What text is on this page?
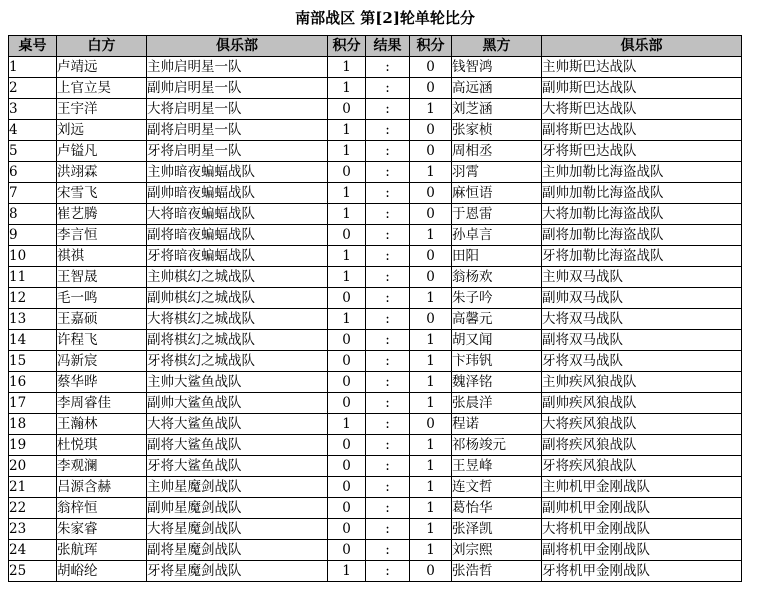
南部战区 第[2]轮单轮比分
桌号	白方	俱乐部	积分	结果	积分	黑方	俱乐部
1	卢靖远	主帅启明星一队	1	:	0	钱智鸿	主帅斯巴达战队
2	上官立昊	副帅启明星一队	1	:	0	高远涵	副帅斯巴达战队
3	王宇洋	大将启明星一队	0	:	1	刘芝涵	大将斯巴达战队
4	刘远	副将启明星一队	1	:	0	张家桢	副将斯巴达战队
5	卢镒凡	牙将启明星一队	1	:	0	周相丞	牙将斯巴达战队
6	洪翊霖	主帅暗夜蝙蝠战队	0	:	1	羽霄	主帅加勒比海盗战队
7	宋雪飞	副帅暗夜蝙蝠战队	1	:	0	麻恒语	副帅加勒比海盗战队
8	崔艺腾	大将暗夜蝙蝠战队	1	:	0	于恩雷	大将加勒比海盗战队
9	李言恒	副将暗夜蝙蝠战队	0	:	1	孙卓言	副将加勒比海盗战队
10	祺祺	牙将暗夜蝙蝠战队	1	:	0	田阳	牙将加勒比海盗战队
11	王智晟	主帅棋幻之城战队	1	:	0	翁杨欢	主帅双马战队
12	毛一鸣	副帅棋幻之城战队	0	:	1	朱子吟	副帅双马战队
13	王嘉硕	大将棋幻之城战队	1	:	0	高馨元	大将双马战队
14	许程飞	副将棋幻之城战队	0	:	1	胡又闻	副将双马战队
15	冯新宸	牙将棋幻之城战队	0	:	1	卞玮钒	牙将双马战队
16	蔡华晔	主帅大鲨鱼战队	0	:	1	魏泽铭	主帅疾风狼战队
17	李周睿佳	副帅大鲨鱼战队	0	:	1	张晨洋	副帅疾风狼战队
18	王瀚林	大将大鲨鱼战队	1	:	0	程诺	大将疾风狼战队
19	杜悦琪	副将大鲨鱼战队	0	:	1	祁杨竣元	副将疾风狼战队
20	李观澜	牙将大鲨鱼战队	0	:	1	王昱峰	牙将疾风狼战队
21	吕源含赫	主帅星魔剑战队	0	:	1	连文哲	主帅机甲金刚战队
22	翁梓恒	副帅星魔剑战队	0	:	1	葛怡华	副帅机甲金刚战队
23	朱家睿	大将星魔剑战队	0	:	1	张泽凯	大将机甲金刚战队
24	张航珲	副将星魔剑战队	0	:	1	刘宗熙	副将机甲金刚战队
25	胡峪纶	牙将星魔剑战队	1	:	0	张浩哲	牙将机甲金刚战队
